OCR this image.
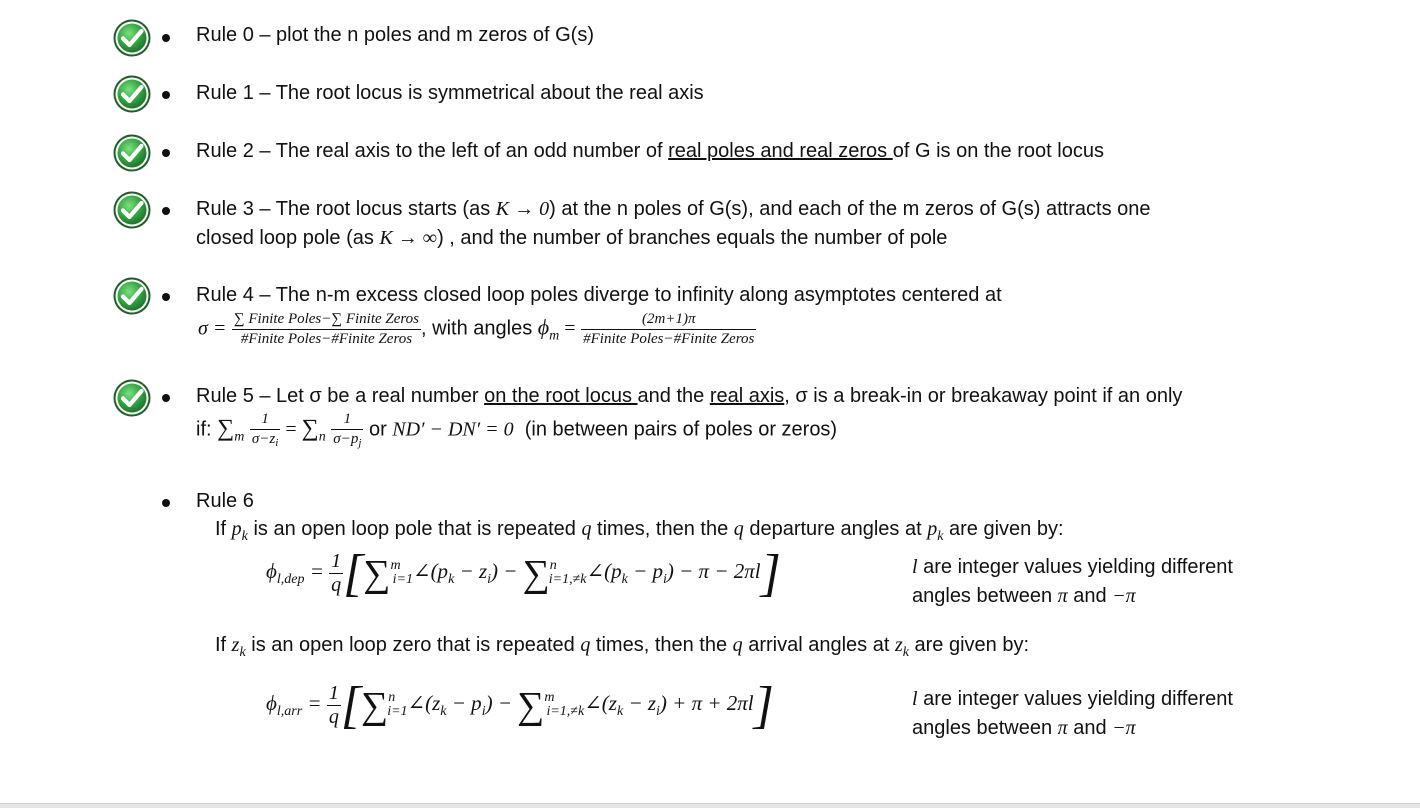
Rule 0 – plot the n poles and m zeros of G(s)
Rule 1 – The root locus is symmetrical about the real axis
Rule 2 – The real axis to the left of an odd number of real poles and real zeros of G is on the root locus
Rule 3 – The root locus starts (as K → 0) at the n poles of G(s), and each of the m zeros of G(s) attracts one
closed loop pole (as K → ∞) , and the number of branches equals the number of pole
Rule 4 – The n-m excess closed loop poles diverge to infinity along asymptotes centered at
$\sigma = \frac{\text{∑ Finite Poles−∑ Finite Zeros}}{\text{\#Finite Poles−\#Finite Zeros}}$ , with angles $\phi_m = \frac{(2m+1)\pi}{\text{\#Finite Poles−\#Finite Zeros}}$
Rule 5 – Let σ be a real number on the root locus and the real axis, σ is a break-in or breakaway point if an only
if: $\sum_m \frac{1}{\sigma-z_i} = \sum_n \frac{1}{\sigma-p_j}$ or ND′ − DN′ = 0  (in between pairs of poles or zeros)
Rule 6
If $p_k$ is an open loop pole that is repeated q times, then the q departure angles at $p_k$ are given by:
$\phi_{l,dep} = \frac{1}{q}$ [$\sum^m_{i=1}\angle(p_k - z_i)$ − $\sum^n_{i=1,\ne k}\angle(p_k - p_i) - \pi - 2\pi l$]	l are integer values yielding different
angles between π and −π
If $z_k$ is an open loop zero that is repeated q times, then the q arrival angles at $z_k$ are given by:
$\phi_{l,arr} = \frac{1}{q}$ [$\sum^n_{i=1}\angle(z_k - p_i)$ − $\sum^m_{i=1,\ne k}\angle(z_k - z_i) + \pi + 2\pi l$]	l are integer values yielding different
angles between π and −π
